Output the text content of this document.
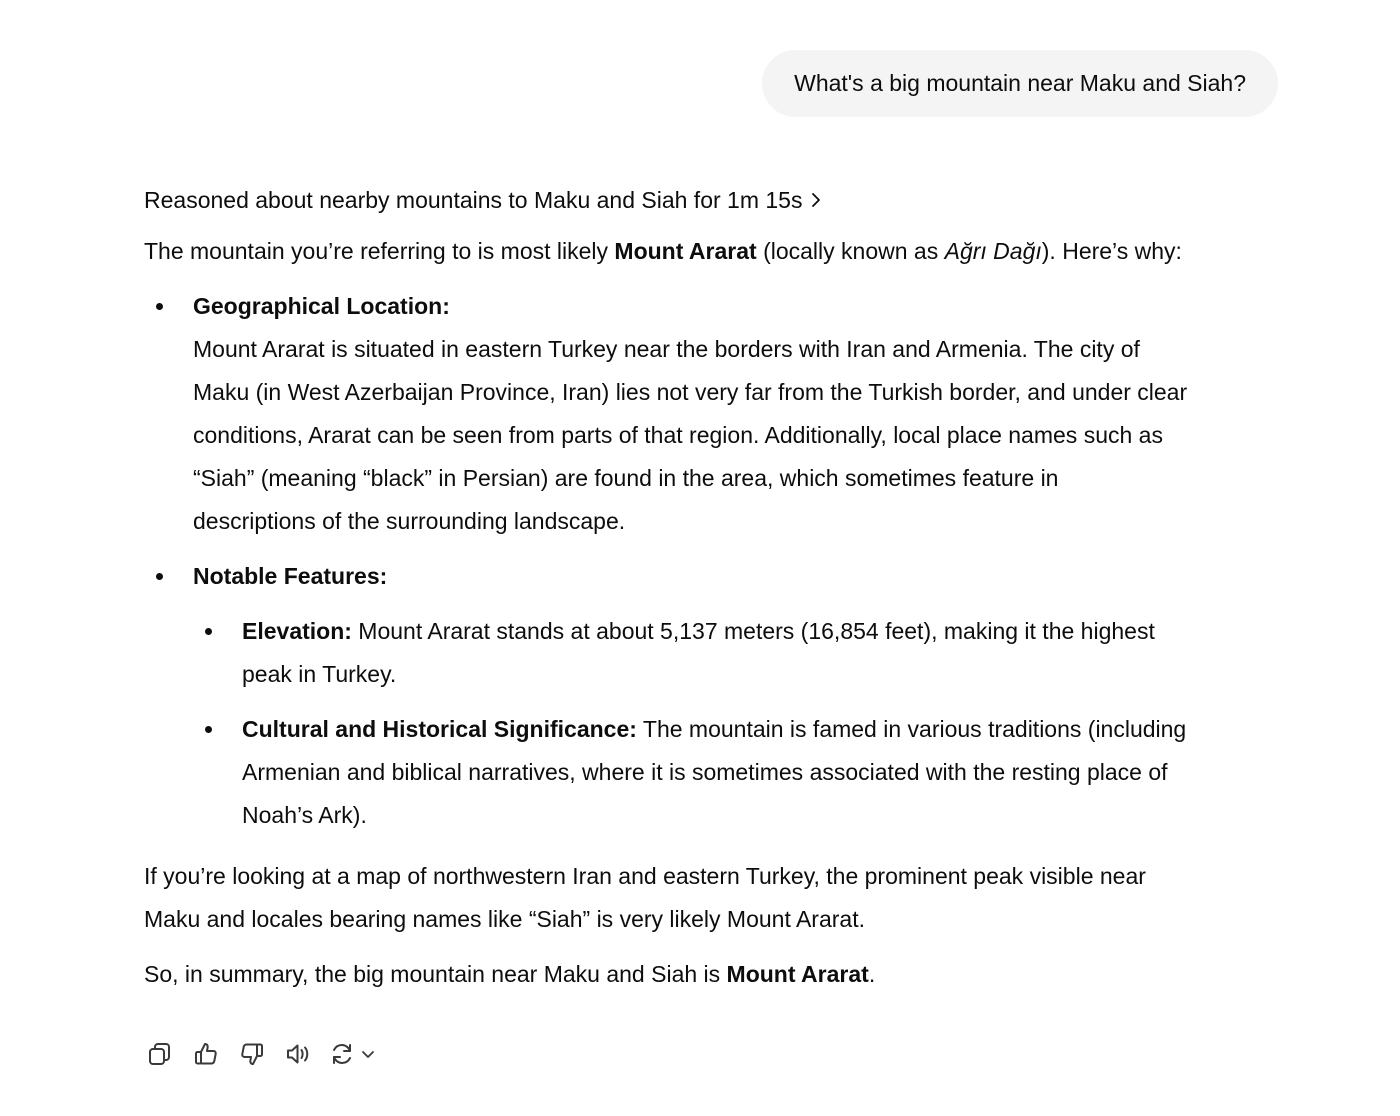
What's a big mountain near Maku and Siah?
Reasoned about nearby mountains to Maku and Siah for 1m 15s

The mountain you’re referring to is most likely Mount Ararat (locally known as Ağrı Dağı). Here’s why:

Geographical Location:
Mount Ararat is situated in eastern Turkey near the borders with Iran and Armenia. The city of
Maku (in West Azerbaijan Province, Iran) lies not very far from the Turkish border, and under clear
conditions, Ararat can be seen from parts of that region. Additionally, local place names such as
“Siah” (meaning “black” in Persian) are found in the area, which sometimes feature in
descriptions of the surrounding landscape.
Notable Features:
Elevation: Mount Ararat stands at about 5,137 meters (16,854 feet), making it the highest
peak in Turkey.
Cultural and Historical Significance: The mountain is famed in various traditions (including
Armenian and biblical narratives, where it is sometimes associated with the resting place of
Noah’s Ark).

If you’re looking at a map of northwestern Iran and eastern Turkey, the prominent peak visible near
Maku and locales bearing names like “Siah” is very likely Mount Ararat.

So, in summary, the big mountain near Maku and Siah is Mount Ararat.
